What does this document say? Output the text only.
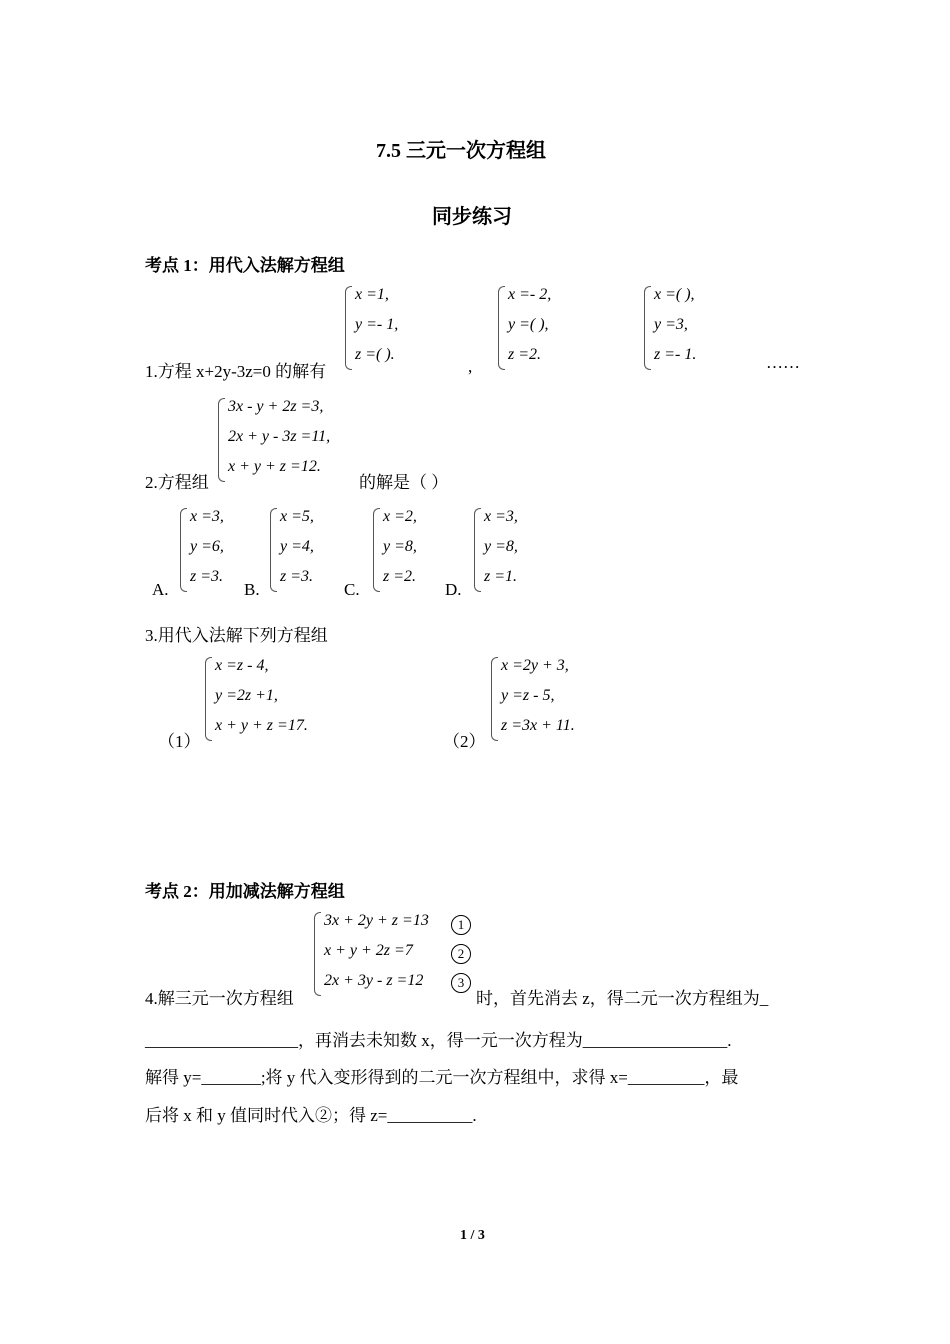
7.5 三元一次方程组
同步练习
考点 1：用代入法解方程组
1.方程 x+2y-3z=0 的解有
x =1,
y =- 1,
z =( ).
,
x =- 2,
y =( ),
z =2.
x =( ),
y =3,
z =- 1.	……
2.方程组
3x - y + 2z =3,
2x + y - 3z =11,
x + y + z =12.
的解是（ ）
x =3,
y =6,
z =3.
A.
x =5,
y =4,
z =3.
B.
x =2,
y =8,
z =2.
C.
x =3,
y =8,
z =1.
D.
3.用代入法解下列方程组
（1）
x =z - 4,
y =2z +1,
x + y + z =17.
（2）
x =2y + 3,
y =z - 5,
z =3x + 11.
考点 2：用加减法解方程组
4.解三元一次方程组
3x + 2y + z =13
x + y + 2z =7
2x + 3y - z =12
1
2
3
时，首先消去 z，得二元一次方程组为_
__________________，再消去未知数 x，得一元一次方程为_________________.
解得 y=_______;将 y 代入变形得到的二元一次方程组中，求得 x=_________，最
后将 x 和 y 值同时代入②；得 z=__________.
1 / 3
